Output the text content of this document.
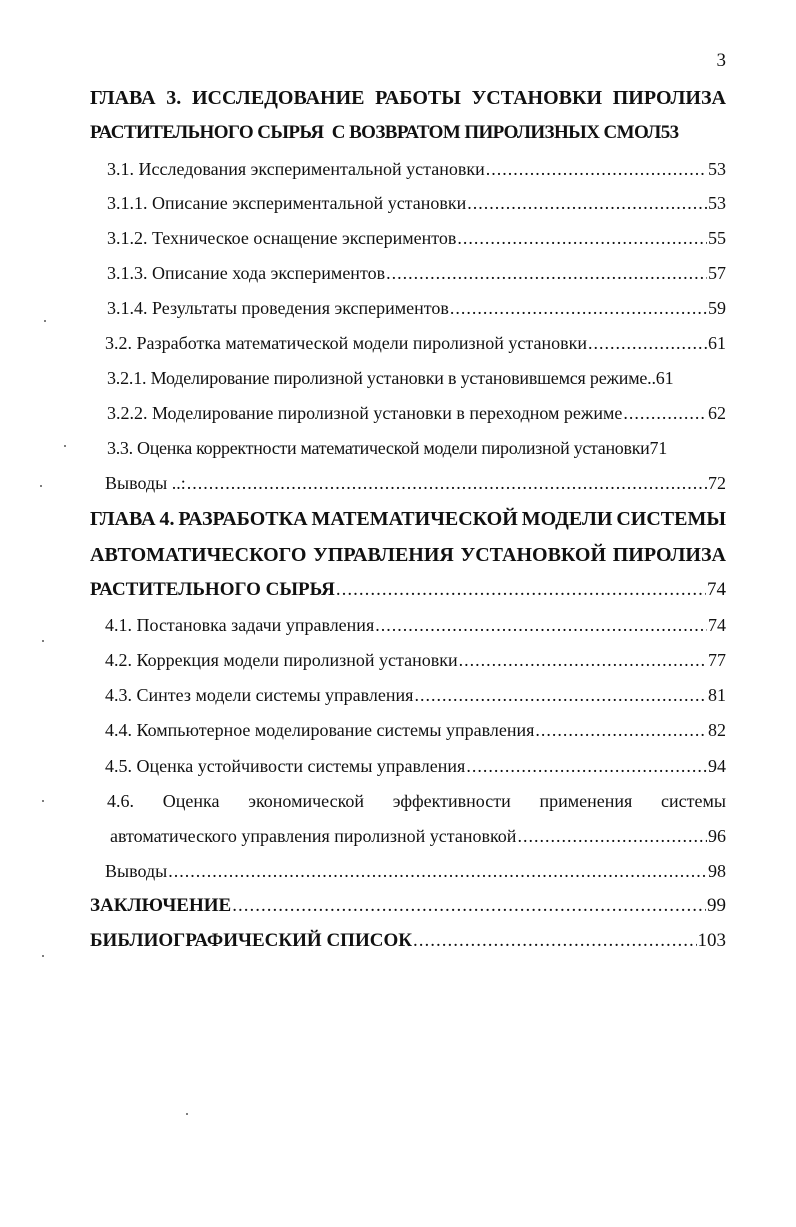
3
ГЛАВА 3. ИССЛЕДОВАНИЕ РАБОТЫ УСТАНОВКИ ПИРОЛИЗА
РАСТИТЕЛЬНОГО СЫРЬЯ  С ВОЗВРАТОМ ПИРОЛИЗНЫХ СМОЛ 53
3.1. Исследования экспериментальной установки .....	53
3.1.1. Описание экспериментальной установки .....	53
3.1.2. Техническое оснащение экспериментов .....	55
3.1.3. Описание хода экспериментов .....	57
3.1.4. Результаты проведения экспериментов .....	59
3.2. Разработка математической модели пиролизной установки .....	61
3.2.1. Моделирование пиролизной установки в установившемся режиме.. 61
3.2.2. Моделирование пиролизной установки в переходном режиме .....	62
3.3. Оценка корректности математической модели пиролизной установки 71
Выводы ..: .....	72
ГЛАВА 4. РАЗРАБОТКА МАТЕМАТИЧЕСКОЙ МОДЕЛИ СИСТЕМЫ
АВТОМАТИЧЕСКОГО УПРАВЛЕНИЯ УСТАНОВКОЙ ПИРОЛИЗА
РАСТИТЕЛЬНОГО СЫРЬЯ .....	74
4.1. Постановка задачи управления .....	74
4.2. Коррекция модели пиролизной установки .....	77
4.3. Синтез модели системы управления .....	81
4.4. Компьютерное моделирование системы управления .....	82
4.5. Оценка устойчивости системы управления .....	94
4.6. Оценка экономической эффективности применения системы
автоматического управления пиролизной установкой .....	96
Выводы .....	98
ЗАКЛЮЧЕНИЕ .....	99
БИБЛИОГРАФИЧЕСКИЙ СПИСОК .....	103
